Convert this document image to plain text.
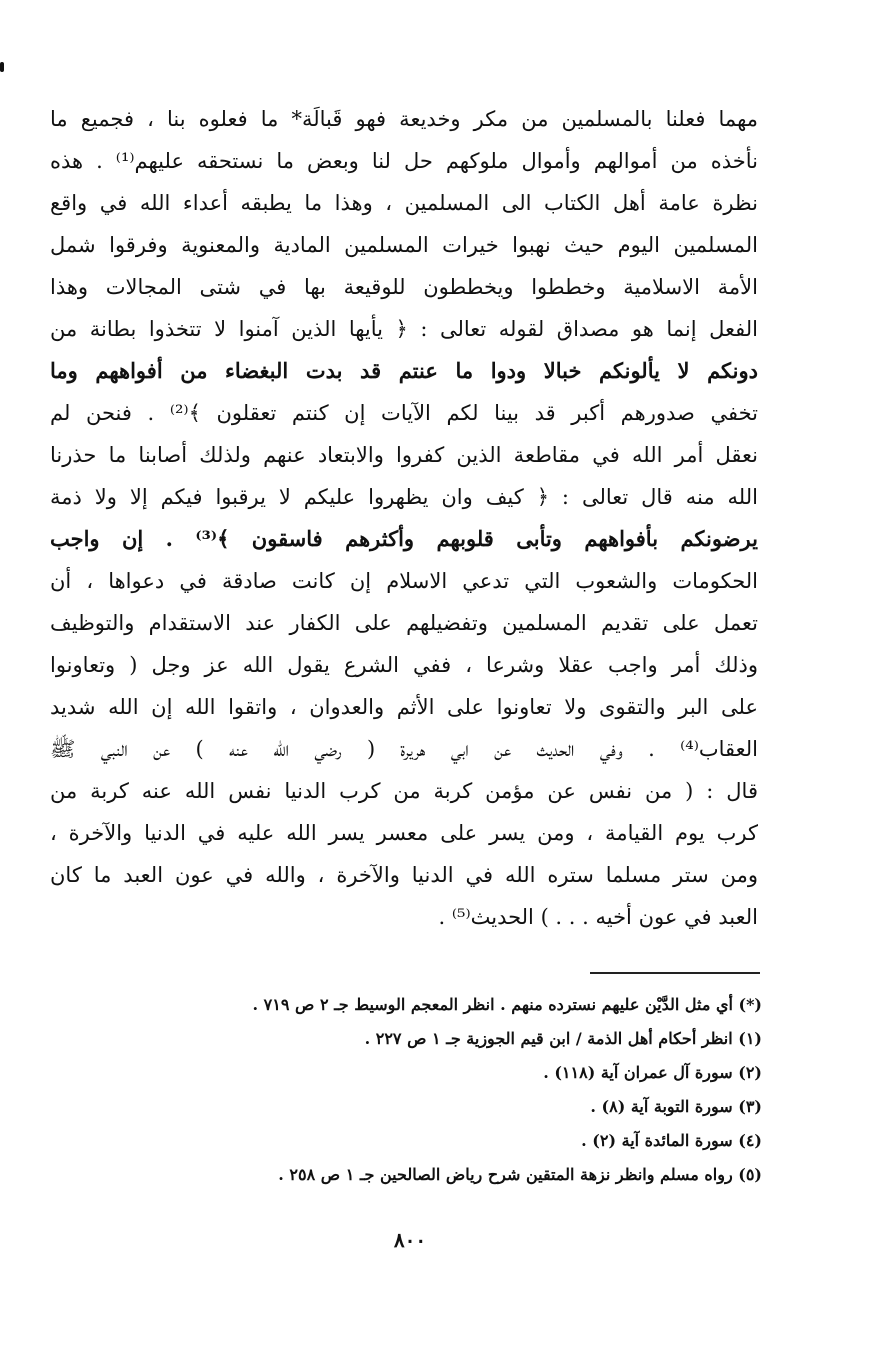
مهما فعلنا بالمسلمين من مكر وخديعة فهو قَبالَة* ما فعلوه بنا ، فجميع ما
نأخذه من أموالهم وأموال ملوكهم حل لنا وبعض ما نستحقه عليهم⁽¹⁾ . هذه
نظرة عامة أهل الكتاب الى المسلمين ، وهذا ما يطبقه أعداء الله في واقع
المسلمين اليوم حيث نهبوا خيرات المسلمين المادية والمعنوية وفرقوا شمل
الأمة الاسلامية وخططوا ويخططون للوقيعة بها في شتى المجالات وهذا
الفعل إنما هو مصداق لقوله تعالى : ﴿ يأيها الذين آمنوا لا تتخذوا بطانة من
دونكم لا يألونكم خبالا ودوا ما عنتم قد بدت البغضاء من أفواههم وما
تخفي صدورهم أكبر قد بينا لكم الآيات إن كنتم تعقلون ﴾⁽²⁾ . فنحن لم
نعقل أمر الله في مقاطعة الذين كفروا والابتعاد عنهم ولذلك أصابنا ما حذرنا
الله منه قال تعالى : ﴿ كيف وان يظهروا عليكم لا يرقبوا فيكم إلا ولا ذمة
يرضونكم بأفواههم وتأبى قلوبهم وأكثرهم فاسقون ﴾⁽³⁾ . إن واجب
الحكومات والشعوب التي تدعي الاسلام إن كانت صادقة في دعواها ، أن
تعمل على تقديم المسلمين وتفضيلهم على الكفار عند الاستقدام والتوظيف
وذلك أمر واجب عقلا وشرعا ، ففي الشرع يقول الله عز وجل ( وتعاونوا
على البر والتقوى ولا تعاونوا على الأثم والعدوان ، واتقوا الله إن الله شديد
العقاب⁽⁴⁾ . وفي الحديث عن ابي هريرة ( رضي الله عنه ) عن النبي ﷺ
قال : ( من نفس عن مؤمن كربة من كرب الدنيا نفس الله عنه كربة من
كرب يوم القيامة ، ومن يسر على معسر يسر الله عليه في الدنيا والآخرة ،
ومن ستر مسلما ستره الله في الدنيا والآخرة ، والله في عون العبد ما كان
العبد في عون أخيه . . . ) الحديث⁽⁵⁾ .
(*) أي مثل الدَّيْن عليهم نسترده منهم . انظر المعجم الوسيط جـ ٢ ص ٧١٩ .
(١) انظر أحكام أهل الذمة / ابن قيم الجوزية جـ ١ ص ٢٢٧ .
(٢) سورة آل عمران آية (١١٨) .
(٣) سورة التوبة آية (٨) .
(٤) سورة المائدة آية (٢) .
(٥) رواه مسلم وانظر نزهة المتقين شرح رياض الصالحين جـ ١ ص ٢٥٨ .
٨٠٠
